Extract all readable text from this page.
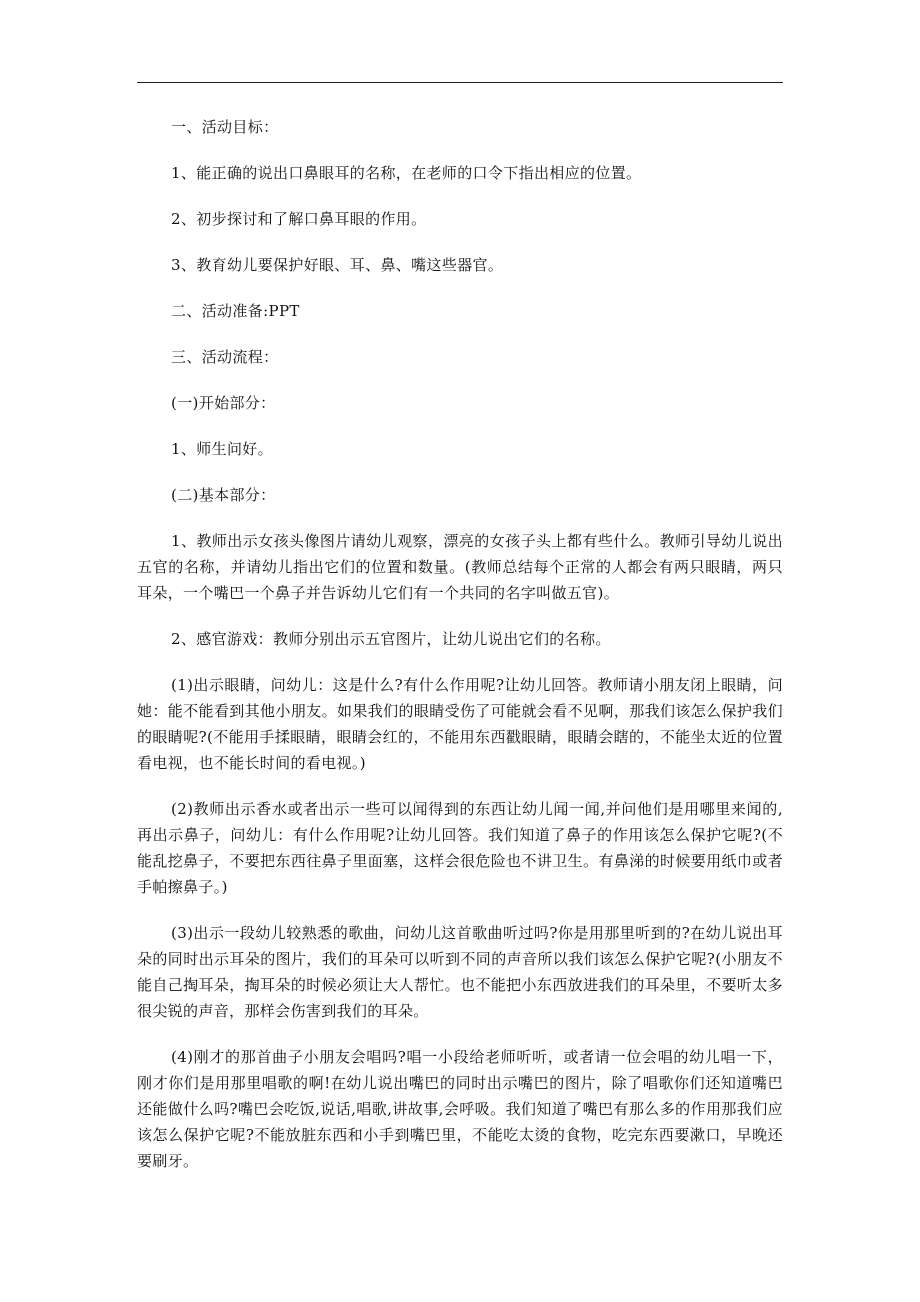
一、活动目标：

1、能正确的说出口鼻眼耳的名称，在老师的口令下指出相应的位置。

2、初步探讨和了解口鼻耳眼的作用。

3、教育幼儿要保护好眼、耳、鼻、嘴这些器官。

二、活动准备:PPT

三、活动流程：

(一)开始部分：

1、师生问好。

(二)基本部分：

1、教师出示女孩头像图片请幼儿观察，漂亮的女孩子头上都有些什么。教师引导幼儿说出五官的名称，并请幼儿指出它们的位置和数量。(教师总结每个正常的人都会有两只眼睛，两只耳朵，一个嘴巴一个鼻子并告诉幼儿它们有一个共同的名字叫做五官)。

2、感官游戏：教师分别出示五官图片，让幼儿说出它们的名称。

(1)出示眼睛，问幼儿：这是什么?有什么作用呢?让幼儿回答。教师请小朋友闭上眼睛，问她：能不能看到其他小朋友。如果我们的眼睛受伤了可能就会看不见啊，那我们该怎么保护我们的眼睛呢?(不能用手揉眼睛，眼睛会红的，不能用东西戳眼睛，眼睛会瞎的，不能坐太近的位置看电视，也不能长时间的看电视。)

(2)教师出示香水或者出示一些可以闻得到的东西让幼儿闻一闻,并问他们是用哪里来闻的,再出示鼻子，问幼儿：有什么作用呢?让幼儿回答。我们知道了鼻子的作用该怎么保护它呢?(不能乱挖鼻子，不要把东西往鼻子里面塞，这样会很危险也不讲卫生。有鼻涕的时候要用纸巾或者手帕擦鼻子。)

(3)出示一段幼儿较熟悉的歌曲，问幼儿这首歌曲听过吗?你是用那里听到的?在幼儿说出耳朵的同时出示耳朵的图片，我们的耳朵可以听到不同的声音所以我们该怎么保护它呢?(小朋友不能自己掏耳朵，掏耳朵的时候必须让大人帮忙。也不能把小东西放进我们的耳朵里，不要听太多很尖锐的声音，那样会伤害到我们的耳朵。

(4)刚才的那首曲子小朋友会唱吗?唱一小段给老师听听，或者请一位会唱的幼儿唱一下，刚才你们是用那里唱歌的啊!在幼儿说出嘴巴的同时出示嘴巴的图片，除了唱歌你们还知道嘴巴还能做什么吗?嘴巴会吃饭,说话,唱歌,讲故事,会呼吸。我们知道了嘴巴有那么多的作用那我们应该怎么保护它呢?不能放脏东西和小手到嘴巴里，不能吃太烫的食物，吃完东西要漱口，早晚还要刷牙。
